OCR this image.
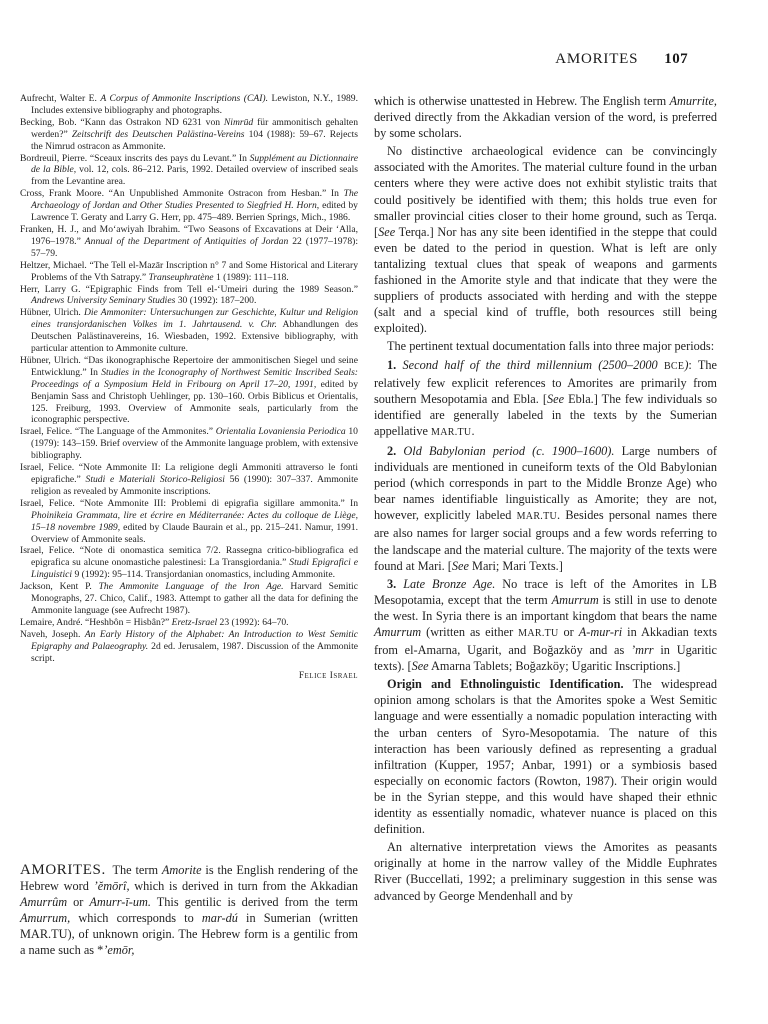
AMORITES 107

Aufrecht, Walter E. A Corpus of Ammonite Inscriptions (CAI). Lewiston, N.Y., 1989. Includes extensive bibliography and photographs.

Becking, Bob. “Kann das Ostrakon ND 6231 von Nimrūd für ammonitisch gehalten werden?” Zeitschrift des Deutschen Palästina-Vereins 104 (1988): 59–67. Rejects the Nimrud ostracon as Ammonite.

Bordreuil, Pierre. “Sceaux inscrits des pays du Levant.” In Supplément au Dictionnaire de la Bible, vol. 12, cols. 86–212. Paris, 1992. Detailed overview of inscribed seals from the Levantine area.

Cross, Frank Moore. “An Unpublished Ammonite Ostracon from Hesban.” In The Archaeology of Jordan and Other Studies Presented to Siegfried H. Horn, edited by Lawrence T. Geraty and Larry G. Herr, pp. 475–489. Berrien Springs, Mich., 1986.

Franken, H. J., and Mo‘awiyah Ibrahim. “Two Seasons of Excavations at Deir ‘Alla, 1976–1978.” Annual of the Department of Antiquities of Jordan 22 (1977–1978): 57–79.

Heltzer, Michael. “The Tell el-Mazār Inscription n° 7 and Some Historical and Literary Problems of the Vth Satrapy.” Transeuphratène 1 (1989): 111–118.

Herr, Larry G. “Epigraphic Finds from Tell el-‘Umeiri during the 1989 Season.” Andrews University Seminary Studies 30 (1992): 187–200.

Hübner, Ulrich. Die Ammoniter: Untersuchungen zur Geschichte, Kultur und Religion eines transjordanischen Volkes im 1. Jahrtausend. v. Chr. Abhandlungen des Deutschen Palästinavereins, 16. Wiesbaden, 1992. Extensive bibliography, with particular attention to Ammonite culture.

Hübner, Ulrich. “Das ikonographische Repertoire der ammonitischen Siegel und seine Entwicklung.” In Studies in the Iconography of Northwest Semitic Inscribed Seals: Proceedings of a Symposium Held in Fribourg on April 17–20, 1991, edited by Benjamin Sass and Christoph Uehlinger, pp. 130–160. Orbis Biblicus et Orientalis, 125. Freiburg, 1993. Overview of Ammonite seals, particularly from the iconographic perspective.

Israel, Felice. “The Language of the Ammonites.” Orientalia Lovaniensia Periodica 10 (1979): 143–159. Brief overview of the Ammonite language problem, with extensive bibliography.

Israel, Felice. “Note Ammonite II: La religione degli Ammoniti attraverso le fonti epigrafiche.” Studi e Materiali Storico-Religiosi 56 (1990): 307–337. Ammonite religion as revealed by Ammonite inscriptions.

Israel, Felice. “Note Ammonite III: Problemi di epigrafia sigillare ammonita.” In Phoinikeia Grammata, lire et écrire en Méditerranée: Actes du colloque de Liège, 15–18 novembre 1989, edited by Claude Baurain et al., pp. 215–241. Namur, 1991. Overview of Ammonite seals.

Israel, Felice. “Note di onomastica semitica 7/2. Rassegna critico-bibliografica ed epigrafica su alcune onomastiche palestinesi: La Transgiordania.” Studi Epigrafici e Linguistici 9 (1992): 95–114. Transjordanian onomastics, including Ammonite.

Jackson, Kent P. The Ammonite Language of the Iron Age. Harvard Semitic Monographs, 27. Chico, Calif., 1983. Attempt to gather all the data for defining the Ammonite language (see Aufrecht 1987).

Lemaire, André. “Heshbôn = Hisbân?” Eretz-Israel 23 (1992): 64–70.

Naveh, Joseph. An Early History of the Alphabet: An Introduction to West Semitic Epigraphy and Palaeography. 2d ed. Jerusalem, 1987. Discussion of the Ammonite script.

Felice Israel

AMORITES. The term Amorite is the English rendering of the Hebrew word ’ĕmōrî, which is derived in turn from the Akkadian Amurrûm or Amurr-ī-um. This gentilic is derived from the term Amurrum, which corresponds to mar-dú in Sumerian (written MAR.TU), of unknown origin. The Hebrew form is a gentilic from a name such as *’emōr,

which is otherwise unattested in Hebrew. The English term Amurrite, derived directly from the Akkadian version of the word, is preferred by some scholars.

No distinctive archaeological evidence can be convincingly associated with the Amorites. The material culture found in the urban centers where they were active does not exhibit stylistic traits that could positively be identified with them; this holds true even for smaller provincial cities closer to their home ground, such as Terqa. [See Terqa.] Nor has any site been identified in the steppe that could even be dated to the period in question. What is left are only tantalizing textual clues that speak of weapons and garments fashioned in the Amorite style and that indicate that they were the suppliers of products associated with herding and with the steppe (salt and a special kind of truffle, both resources still being exploited).

The pertinent textual documentation falls into three major periods:

1. Second half of the third millennium (2500–2000 BCE): The relatively few explicit references to Amorites are primarily from southern Mesopotamia and Ebla. [See Ebla.] The few individuals so identified are generally labeled in the texts by the Sumerian appellative MAR.TU.

2. Old Babylonian period (c. 1900–1600). Large numbers of individuals are mentioned in cuneiform texts of the Old Babylonian period (which corresponds in part to the Middle Bronze Age) who bear names identifiable linguistically as Amorite; they are not, however, explicitly labeled MAR.TU. Besides personal names there are also names for larger social groups and a few words referring to the landscape and the material culture. The majority of the texts were found at Mari. [See Mari; Mari Texts.]

3. Late Bronze Age. No trace is left of the Amorites in LB Mesopotamia, except that the term Amurrum is still in use to denote the west. In Syria there is an important kingdom that bears the name Amurrum (written as either MAR.TU or A-mur-ri in Akkadian texts from el-Amarna, Ugarit, and Boğazköy and as ’mrr in Ugaritic texts). [See Amarna Tablets; Boğazköy; Ugaritic Inscriptions.]

Origin and Ethnolinguistic Identification. The widespread opinion among scholars is that the Amorites spoke a West Semitic language and were essentially a nomadic population interacting with the urban centers of Syro-Mesopotamia. The nature of this interaction has been variously defined as representing a gradual infiltration (Kupper, 1957; Anbar, 1991) or a symbiosis based especially on economic factors (Rowton, 1987). Their origin would be in the Syrian steppe, and this would have shaped their ethnic identity as essentially nomadic, whatever nuance is placed on this definition.

An alternative interpretation views the Amorites as peasants originally at home in the narrow valley of the Middle Euphrates River (Buccellati, 1992; a preliminary suggestion in this sense was advanced by George Mendenhall and by
